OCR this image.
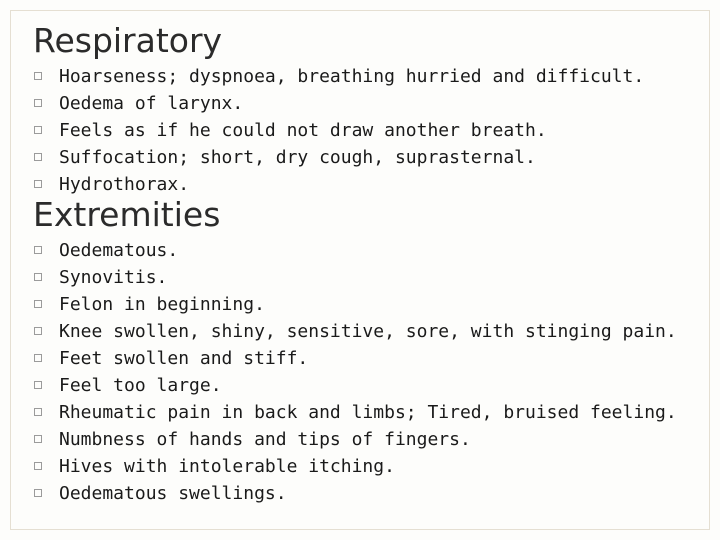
Respiratory
Hoarseness; dyspnoea, breathing hurried and difficult.
Oedema of larynx.
Feels as if he could not draw another breath.
Suffocation; short, dry cough, suprasternal.
Hydrothorax.
Extremities
Oedematous.
Synovitis.
Felon in beginning.
Knee swollen, shiny, sensitive, sore, with stinging pain.
Feet swollen and stiff.
Feel too large.
Rheumatic pain in back and limbs; Tired, bruised feeling.
Numbness of hands and tips of fingers.
Hives with intolerable itching.
Oedematous swellings.
